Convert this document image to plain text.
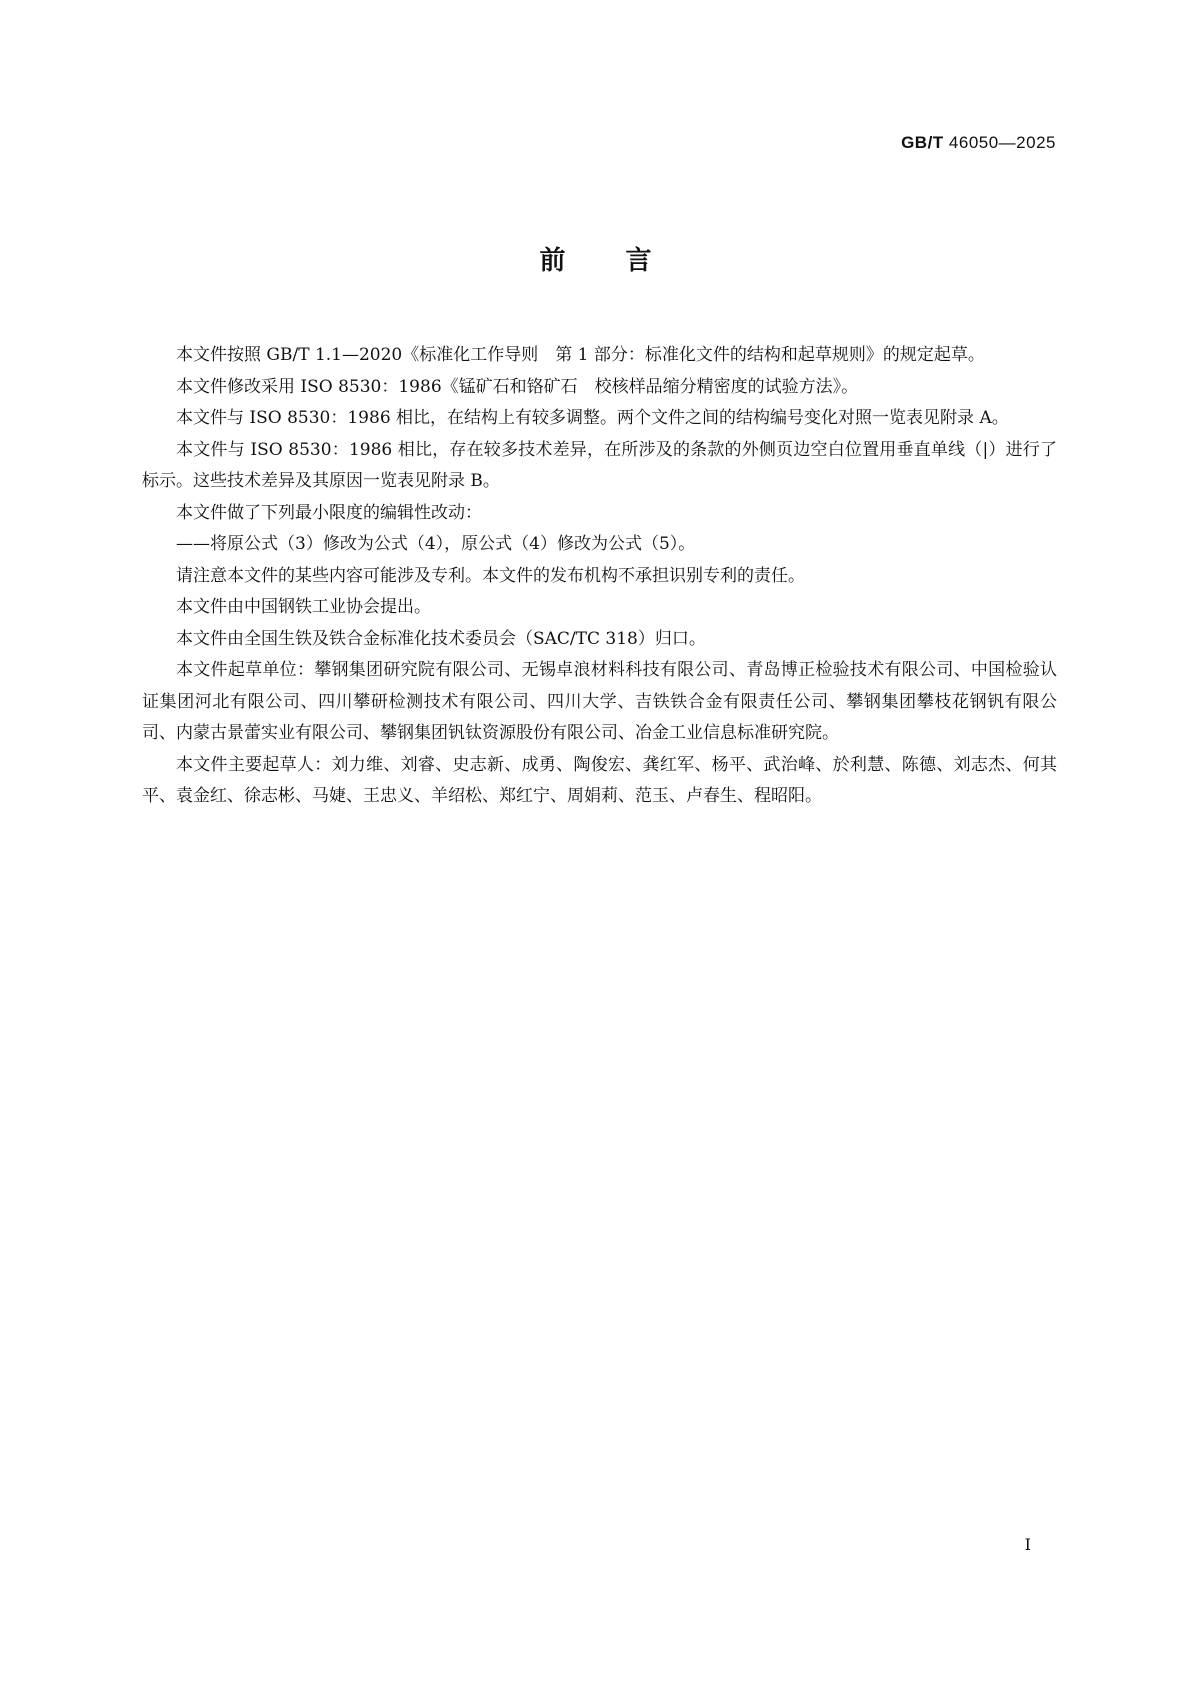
GB/T 46050—2025
前言

本文件按照 GB/T 1.1—2020《标准化工作导则　第 1 部分：标准化文件的结构和起草规则》的规定起草。

本文件修改采用 ISO 8530：1986《锰矿石和铬矿石　校核样品缩分精密度的试验方法》。

本文件与 ISO 8530：1986 相比，在结构上有较多调整。两个文件之间的结构编号变化对照一览表见附录 A。

本文件与 ISO 8530：1986 相比，存在较多技术差异，在所涉及的条款的外侧页边空白位置用垂直单线（|）进行了标示。这些技术差异及其原因一览表见附录 B。

本文件做了下列最小限度的编辑性改动：

——将原公式（3）修改为公式（4），原公式（4）修改为公式（5）。

请注意本文件的某些内容可能涉及专利。本文件的发布机构不承担识别专利的责任。

本文件由中国钢铁工业协会提出。

本文件由全国生铁及铁合金标准化技术委员会（SAC/TC 318）归口。

本文件起草单位：攀钢集团研究院有限公司、无锡卓浪材料科技有限公司、青岛博正检验技术有限公司、中国检验认证集团河北有限公司、四川攀研检测技术有限公司、四川大学、吉铁铁合金有限责任公司、攀钢集团攀枝花钢钒有限公司、内蒙古景蕾实业有限公司、攀钢集团钒钛资源股份有限公司、冶金工业信息标准研究院。

本文件主要起草人：刘力维、刘睿、史志新、成勇、陶俊宏、龚红军、杨平、武治峰、於利慧、陈德、刘志杰、何其平、袁金红、徐志彬、马婕、王忠义、羊绍松、郑红宁、周娟莉、范玉、卢春生、程昭阳。

I
